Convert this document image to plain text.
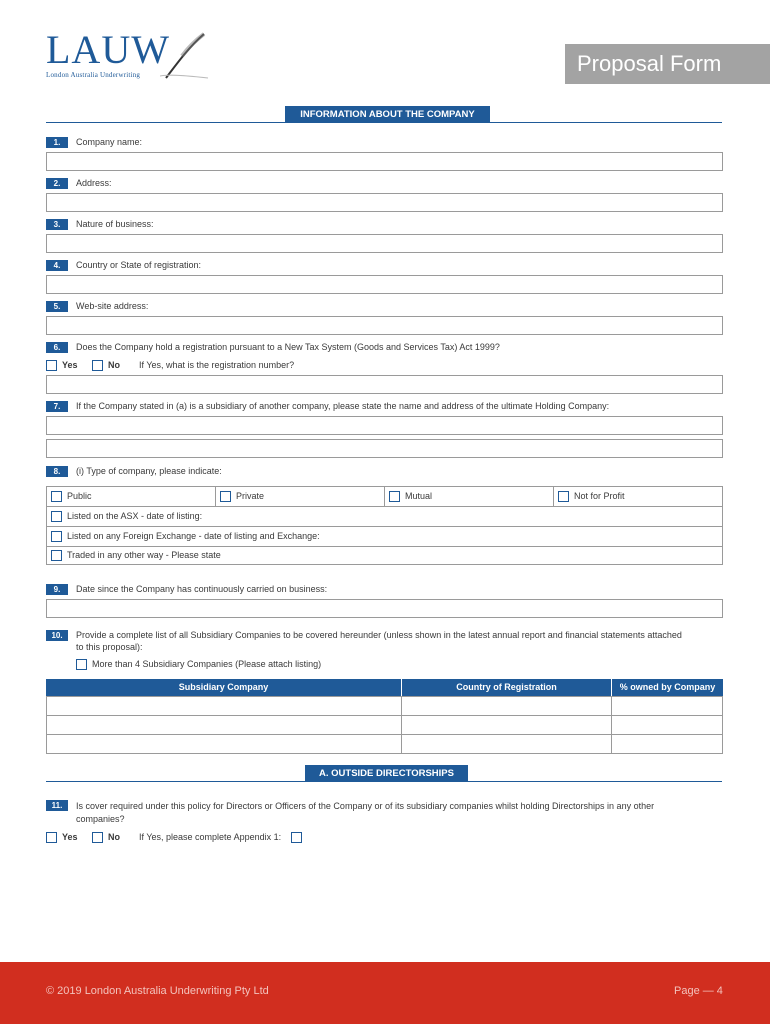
LAUW
London Australia Underwriting	Proposal Form
INFORMATION ABOUT THE COMPANY
1.	Company name:
2.	Address:
3.	Nature of business:
4.	Country or State of registration:
5.	Web-site address:
6.	Does the Company hold a registration pursuant to a New Tax System (Goods and Services Tax) Act 1999?
Yes	No If Yes, what is the registration number?
7.	If the Company stated in (a) is a subsidiary of another company, please state the name and address of the ultimate Holding Company:
8.	(i) Type of company, please indicate:
Public	Private	Mutual	Not for Profit
Listed on the ASX - date of listing:
Listed on any Foreign Exchange - date of listing and Exchange:
Traded in any other way - Please state
9.	Date since the Company has continuously carried on business:
10.	Provide a complete list of all Subsidiary Companies to be covered hereunder (unless shown in the latest annual report and financial statements attached
to this proposal):
More than 4 Subsidiary Companies (Please attach listing)
Subsidiary Company	Country of Registration	% owned by Company
A. OUTSIDE DIRECTORSHIPS
11.	Is cover required under this policy for Directors or Officers of the Company or of its subsidiary companies whilst holding Directorships in any other
companies?
Yes	No If Yes, please complete Appendix 1:
© 2019 London Australia Underwriting Pty Ltd	Page — 4
